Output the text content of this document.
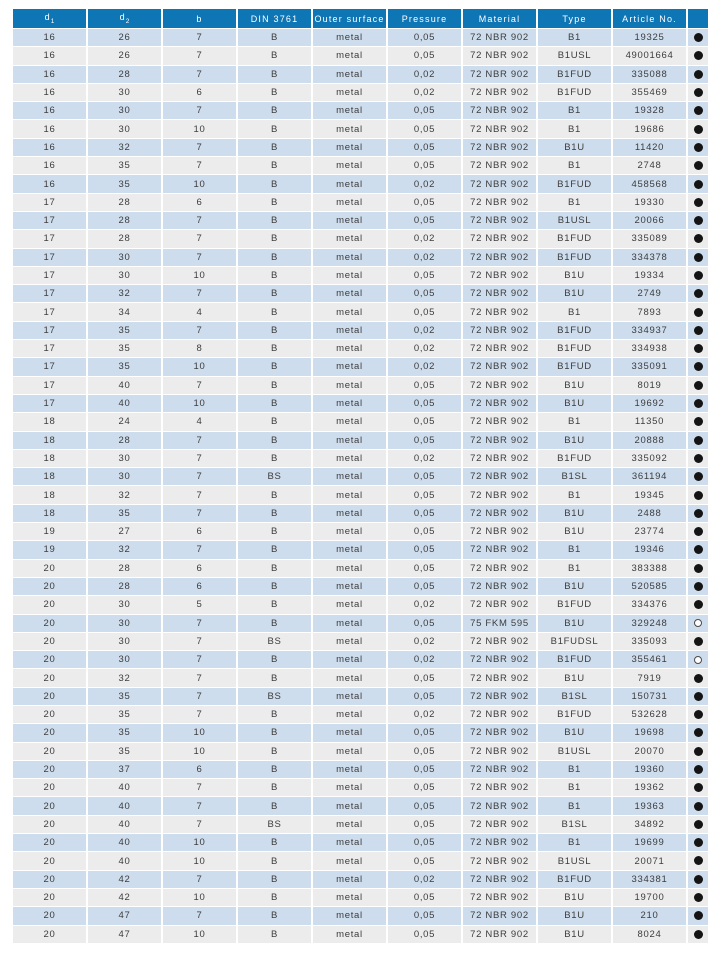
$d_1$	$d_2$	b	DIN 3761	Outer surface	Pressure	Material	Type	Article No.	
16	26	7	B	metal	0,05	72 NBR 902	B1	19325	
16	26	7	B	metal	0,05	72 NBR 902	B1USL	49001664	
16	28	7	B	metal	0,02	72 NBR 902	B1FUD	335088	
16	30	6	B	metal	0,02	72 NBR 902	B1FUD	355469	
16	30	7	B	metal	0,05	72 NBR 902	B1	19328	
16	30	10	B	metal	0,05	72 NBR 902	B1	19686	
16	32	7	B	metal	0,05	72 NBR 902	B1U	11420	
16	35	7	B	metal	0,05	72 NBR 902	B1	2748	
16	35	10	B	metal	0,02	72 NBR 902	B1FUD	458568	
17	28	6	B	metal	0,05	72 NBR 902	B1	19330	
17	28	7	B	metal	0,05	72 NBR 902	B1USL	20066	
17	28	7	B	metal	0,02	72 NBR 902	B1FUD	335089	
17	30	7	B	metal	0,02	72 NBR 902	B1FUD	334378	
17	30	10	B	metal	0,05	72 NBR 902	B1U	19334	
17	32	7	B	metal	0,05	72 NBR 902	B1U	2749	
17	34	4	B	metal	0,05	72 NBR 902	B1	7893	
17	35	7	B	metal	0,02	72 NBR 902	B1FUD	334937	
17	35	8	B	metal	0,02	72 NBR 902	B1FUD	334938	
17	35	10	B	metal	0,02	72 NBR 902	B1FUD	335091	
17	40	7	B	metal	0,05	72 NBR 902	B1U	8019	
17	40	10	B	metal	0,05	72 NBR 902	B1U	19692	
18	24	4	B	metal	0,05	72 NBR 902	B1	11350	
18	28	7	B	metal	0,05	72 NBR 902	B1U	20888	
18	30	7	B	metal	0,02	72 NBR 902	B1FUD	335092	
18	30	7	BS	metal	0,05	72 NBR 902	B1SL	361194	
18	32	7	B	metal	0,05	72 NBR 902	B1	19345	
18	35	7	B	metal	0,05	72 NBR 902	B1U	2488	
19	27	6	B	metal	0,05	72 NBR 902	B1U	23774	
19	32	7	B	metal	0,05	72 NBR 902	B1	19346	
20	28	6	B	metal	0,05	72 NBR 902	B1	383388	
20	28	6	B	metal	0,05	72 NBR 902	B1U	520585	
20	30	5	B	metal	0,02	72 NBR 902	B1FUD	334376	
20	30	7	B	metal	0,05	75 FKM 595	B1U	329248	
20	30	7	BS	metal	0,02	72 NBR 902	B1FUDSL	335093	
20	30	7	B	metal	0,02	72 NBR 902	B1FUD	355461	
20	32	7	B	metal	0,05	72 NBR 902	B1U	7919	
20	35	7	BS	metal	0,05	72 NBR 902	B1SL	150731	
20	35	7	B	metal	0,02	72 NBR 902	B1FUD	532628	
20	35	10	B	metal	0,05	72 NBR 902	B1U	19698	
20	35	10	B	metal	0,05	72 NBR 902	B1USL	20070	
20	37	6	B	metal	0,05	72 NBR 902	B1	19360	
20	40	7	B	metal	0,05	72 NBR 902	B1	19362	
20	40	7	B	metal	0,05	72 NBR 902	B1	19363	
20	40	7	BS	metal	0,05	72 NBR 902	B1SL	34892	
20	40	10	B	metal	0,05	72 NBR 902	B1	19699	
20	40	10	B	metal	0,05	72 NBR 902	B1USL	20071	
20	42	7	B	metal	0,02	72 NBR 902	B1FUD	334381	
20	42	10	B	metal	0,05	72 NBR 902	B1U	19700	
20	47	7	B	metal	0,05	72 NBR 902	B1U	210	
20	47	10	B	metal	0,05	72 NBR 902	B1U	8024	
